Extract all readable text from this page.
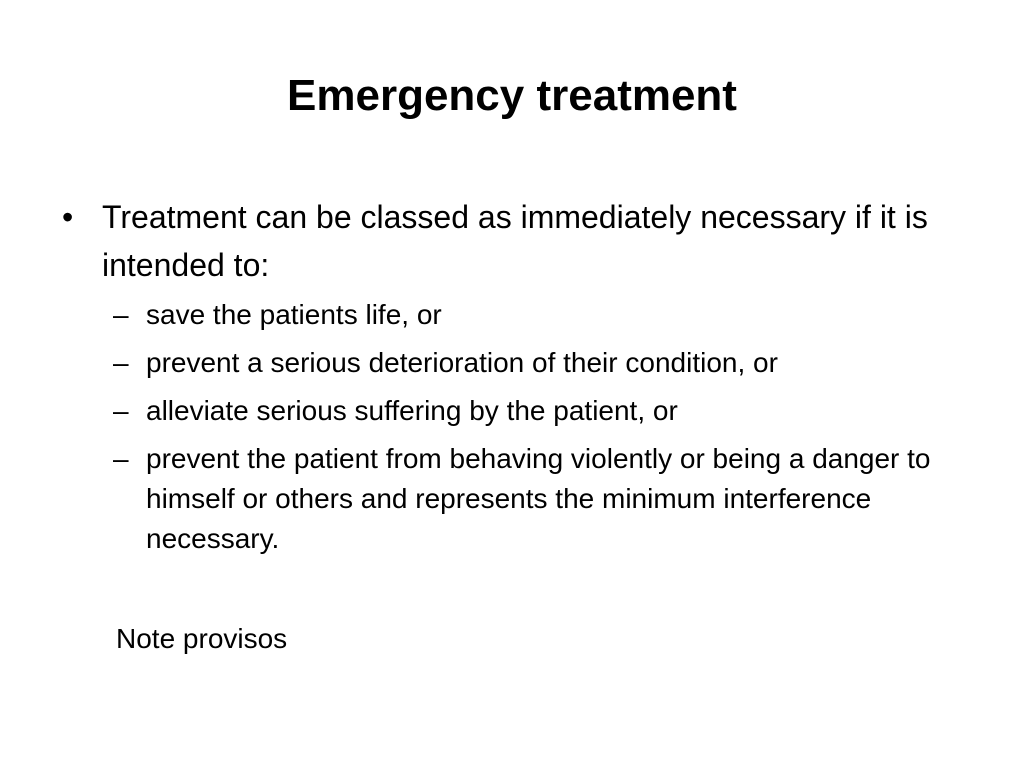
Emergency treatment
• Treatment can be classed as immediately necessary if it is intended to:
– save the patients life, or
– prevent a serious deterioration of their condition, or
– alleviate serious suffering by the patient, or
– prevent the patient from behaving violently or being a danger to himself or others and represents the minimum interference necessary.
Note provisos
